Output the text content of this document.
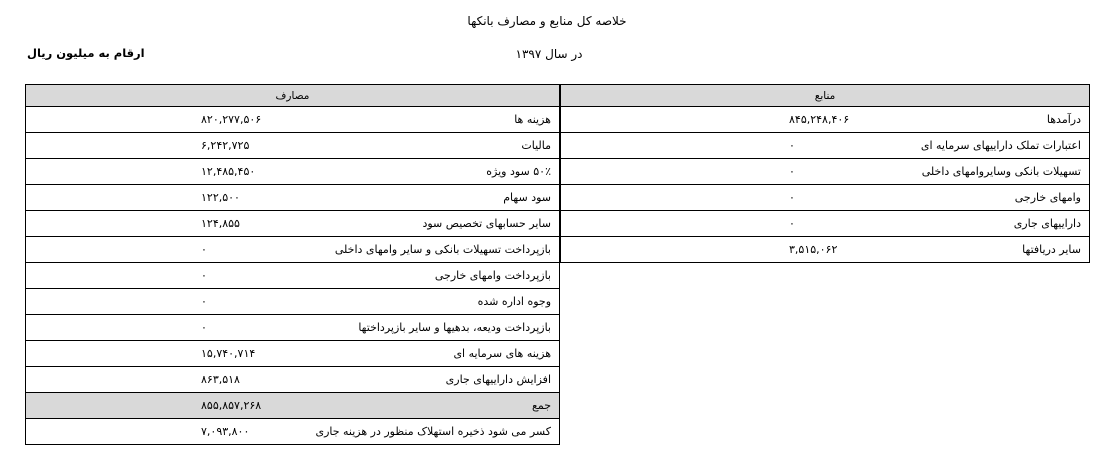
خلاصه کل منابع و مصارف بانکها
در سال ۱۳۹۷
ارقام به میلیون ریال
مصارف	منابع
۸۲۰,۲۷۷,۵۰۶	هزینه ها
۶,۲۴۲,۷۲۵	مالیات
۱۲,۴۸۵,۴۵۰	۵۰٪ سود ویژه
۱۲۲,۵۰۰	سود سهام
۱۲۴,۸۵۵	سایر حسابهای تخصیص سود
۰	بازپرداخت تسهیلات بانکی و سایر وامهای داخلی
۰	بازپرداخت وامهای خارجی
۰	وجوه اداره شده
۰	بازپرداخت ودیعه، بدهیها و سایر بازپرداختها
۱۵,۷۴۰,۷۱۴	هزینه های سرمایه ای
۸۶۳,۵۱۸	افزایش داراییهای جاری
۸۵۵,۸۵۷,۲۶۸	جمع
۷,۰۹۳,۸۰۰	کسر می شود ذخیره استهلاک منظور در هزینه جاری
۸۴۵,۲۴۸,۴۰۶	درآمدها
۰	اعتبارات تملک داراییهای سرمایه ای
۰	تسهیلات بانکی وسایروامهای داخلی
۰	وامهای خارجی
۰	داراییهای جاری
۳,۵۱۵,۰۶۲	سایر دریافتها
